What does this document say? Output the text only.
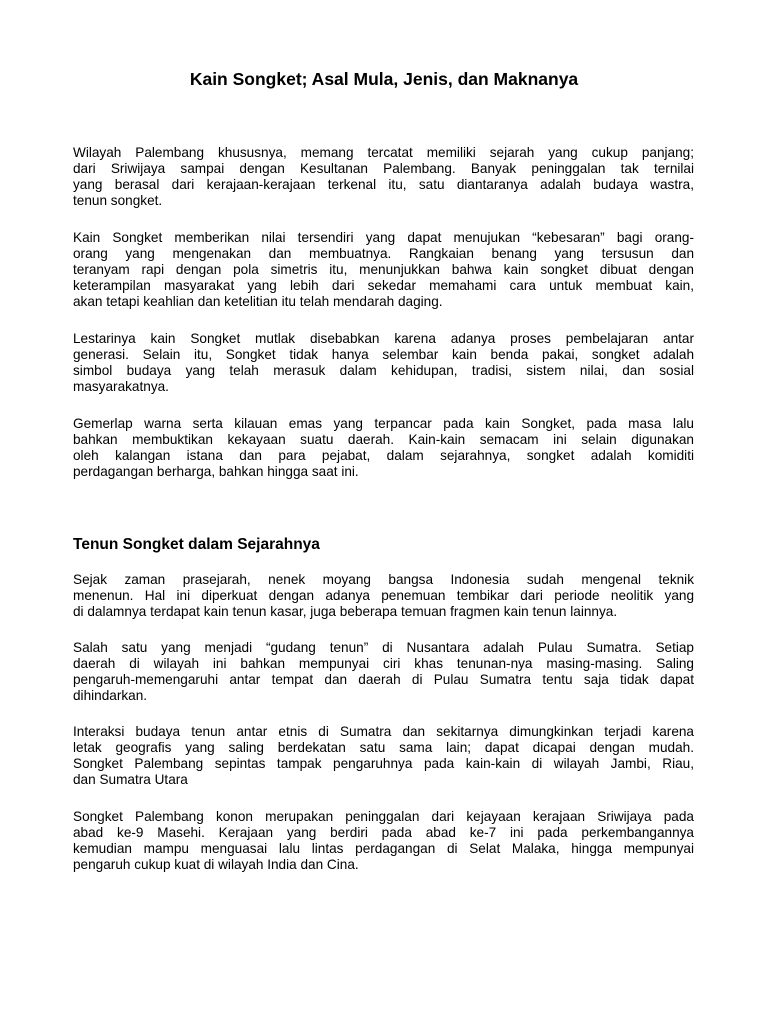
Kain Songket; Asal Mula, Jenis, dan Maknanya

Wilayah Palembang khususnya, memang tercatat memiliki sejarah yang cukup panjang;
dari Sriwijaya sampai dengan Kesultanan Palembang. Banyak peninggalan tak ternilai
yang berasal dari kerajaan-kerajaan terkenal itu, satu diantaranya adalah budaya wastra,
tenun songket.

Kain Songket memberikan nilai tersendiri yang dapat menujukan “kebesaran” bagi orang-
orang yang mengenakan dan membuatnya. Rangkaian benang yang tersusun dan
teranyam rapi dengan pola simetris itu, menunjukkan bahwa kain songket dibuat dengan
keterampilan masyarakat yang lebih dari sekedar memahami cara untuk membuat kain,
akan tetapi keahlian dan ketelitian itu telah mendarah daging.

Lestarinya kain Songket mutlak disebabkan karena adanya proses pembelajaran antar
generasi. Selain itu, Songket tidak hanya selembar kain benda pakai, songket adalah
simbol budaya yang telah merasuk dalam kehidupan, tradisi, sistem nilai, dan sosial
masyarakatnya.

Gemerlap warna serta kilauan emas yang terpancar pada kain Songket, pada masa lalu
bahkan membuktikan kekayaan suatu daerah. Kain-kain semacam ini selain digunakan
oleh kalangan istana dan para pejabat, dalam sejarahnya, songket adalah komiditi
perdagangan berharga, bahkan hingga saat ini.

Tenun Songket dalam Sejarahnya

Sejak zaman prasejarah, nenek moyang bangsa Indonesia sudah mengenal teknik
menenun. Hal ini diperkuat dengan adanya penemuan tembikar dari periode neolitik yang
di dalamnya terdapat kain tenun kasar, juga beberapa temuan fragmen kain tenun lainnya.

Salah satu yang menjadi “gudang tenun” di Nusantara adalah Pulau Sumatra. Setiap
daerah di wilayah ini bahkan mempunyai ciri khas tenunan-nya masing-masing. Saling
pengaruh-memengaruhi antar tempat dan daerah di Pulau Sumatra tentu saja tidak dapat
dihindarkan.

Interaksi budaya tenun antar etnis di Sumatra dan sekitarnya dimungkinkan terjadi karena
letak geografis yang saling berdekatan satu sama lain; dapat dicapai dengan mudah.
Songket Palembang sepintas tampak pengaruhnya pada kain-kain di wilayah Jambi, Riau,
dan Sumatra Utara

Songket Palembang konon merupakan peninggalan dari kejayaan kerajaan Sriwijaya pada
abad ke-9 Masehi. Kerajaan yang berdiri pada abad ke-7 ini pada perkembangannya
kemudian mampu menguasai lalu lintas perdagangan di Selat Malaka, hingga mempunyai
pengaruh cukup kuat di wilayah India dan Cina.
